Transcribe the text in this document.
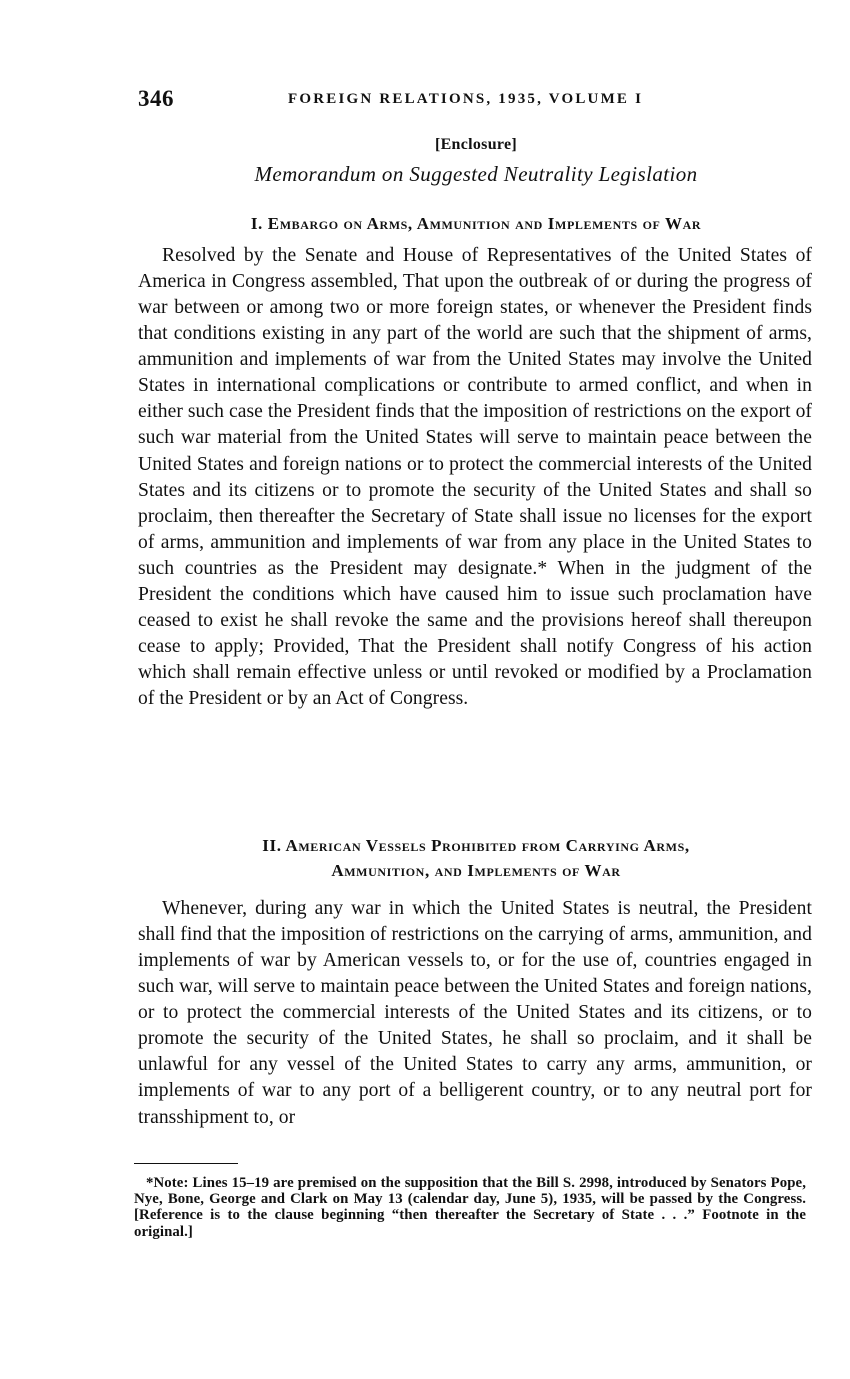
346	FOREIGN RELATIONS, 1935, VOLUME I
[Enclosure]
Memorandum on Suggested Neutrality Legislation
I. Embargo on Arms, Ammunition and Implements of War

Resolved by the Senate and House of Representatives of the United States of America in Congress assembled, That upon the outbreak of or during the progress of war between or among two or more foreign states, or whenever the President finds that conditions existing in any part of the world are such that the shipment of arms, ammunition and implements of war from the United States may involve the United States in international complications or contribute to armed conflict, and when in either such case the President finds that the imposition of restrictions on the export of such war material from the United States will serve to maintain peace between the United States and foreign nations or to protect the commercial interests of the United States and its citizens or to promote the security of the United States and shall so proclaim, then thereafter the Secretary of State shall issue no licenses for the export of arms, ammunition and implements of war from any place in the United States to such countries as the President may designate.* When in the judgment of the President the conditions which have caused him to issue such proclamation have ceased to exist he shall revoke the same and the provisions hereof shall thereupon cease to apply; Provided, That the President shall notify Congress of his action which shall remain effective unless or until revoked or modified by a Proclamation of the President or by an Act of Congress.

II. American Vessels Prohibited from Carrying Arms,
Ammunition, and Implements of War

Whenever, during any war in which the United States is neutral, the President shall find that the imposition of restrictions on the carrying of arms, ammunition, and implements of war by American vessels to, or for the use of, countries engaged in such war, will serve to maintain peace between the United States and foreign nations, or to protect the commercial interests of the United States and its citizens, or to promote the security of the United States, he shall so proclaim, and it shall be unlawful for any vessel of the United States to carry any arms, ammunition, or implements of war to any port of a belligerent country, or to any neutral port for transshipment to, or

*Note: Lines 15–19 are premised on the supposition that the Bill S. 2998, introduced by Senators Pope, Nye, Bone, George and Clark on May 13 (calendar day, June 5), 1935, will be passed by the Congress. [Reference is to the clause beginning “then thereafter the Secretary of State . . .” Footnote in the original.]
